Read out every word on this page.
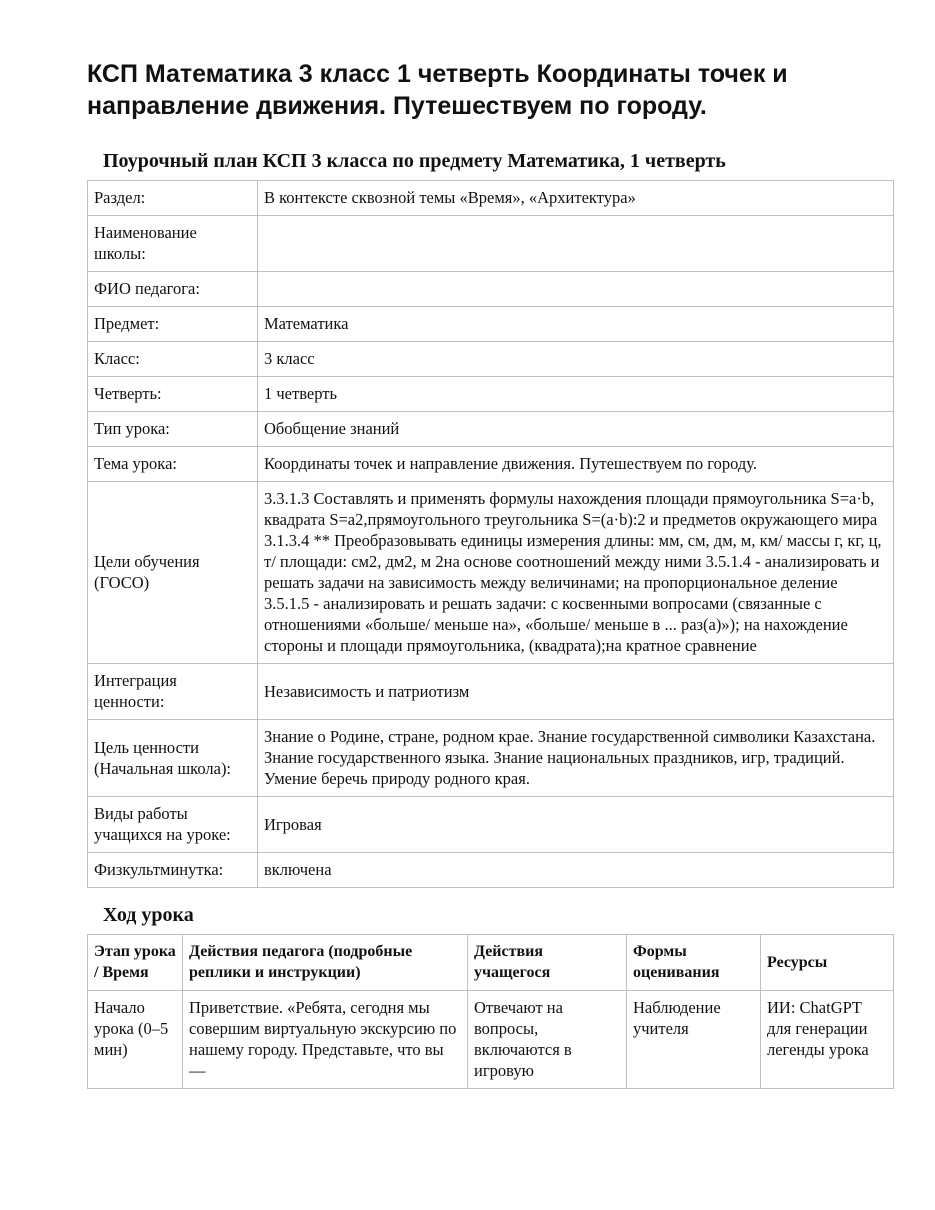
КСП Математика 3 класс 1 четверть Координаты точек и направление движения. Путешествуем по городу.
Поурочный план КСП 3 класса по предмету Математика, 1 четверть
Раздел:	В контексте сквозной темы «Время», «Архитектура»
Наименование школы:	
ФИО педагога:	
Предмет:	Математика
Класс:	3 класс
Четверть:	1 четверть
Тип урока:	Обобщение знаний
Тема урока:	Координаты точек и направление движения. Путешествуем по городу.
Цели обучения (ГОСО)	3.3.1.3 Составлять и применять формулы нахождения площади прямоугольника S=a·b, квадрата S=a2,прямоугольного треугольника S=(a·b):2 и предметов окружающего мира 3.1.3.4 ** Преобразовывать единицы измерения длины: мм, см, дм, м, км/ массы г, кг, ц, т/ площади: см2, дм2, м 2на основе соотношений между ними 3.5.1.4 - анализировать и решать задачи на зависимость между величинами; на пропорциональное деление 3.5.1.5 - анализировать и решать задачи: с косвенными вопросами (связанные с отношениями «больше/ меньше на», «больше/ меньше в ... раз(а)»); на нахождение стороны и площади прямоугольника, (квадрата);на кратное сравнение
Интеграция ценности:	Независимость и патриотизм
Цель ценности (Начальная школа):	Знание о Родине, стране, родном крае. Знание государственной символики Казахстана. Знание государственного языка. Знание национальных праздников, игр, традиций. Умение беречь природу родного края.
Виды работы учащихся на уроке:	Игровая
Физкультминутка:	включена
Ход урока
Этап урока / Время	Действия педагога (подробные реплики и инструкции)	Действия учащегося	Формы оценивания	Ресурсы
Начало урока (0–5 мин)	Приветствие. «Ребята, сегодня мы совершим виртуальную экскурсию по нашему городу. Представьте, что вы —	Отвечают на вопросы, включаются в игровую	Наблюдение учителя	ИИ: ChatGPT для генерации легенды урока
